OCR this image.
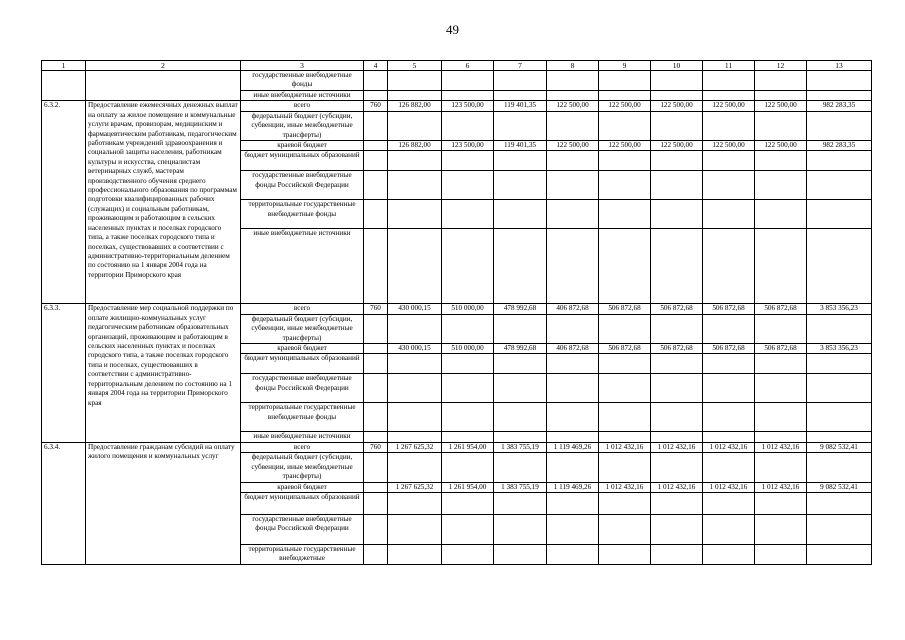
49
1	2	3	4	5	6	7	8	9	10	11	12	13
		государственные внебюджетные фонды										
		иные внебюджетные источники										
6.3.2.	Предоставление ежемесячных денежных выплат на оплату за жилое помещение и коммунальные услуги врачам, провизорам, медицинским и фармацевтическим работникам, педагогическим работникам учреждений здравоохранения и социальной защиты населения, работникам культуры и искусства, специалистам ветеринарных служб, мастерам производственного обучения среднего профессионального образования по программам подготовки квалифицированных рабочих (служащих) и социальным работникам, проживающим и работающим в сельских населенных пунктах и поселках городского типа, а также поселках городского типа и поселках, существовавших в соответствии с административно-территориальным делением по состоянию на 1 января 2004 года на территории Приморского края	всего	760	126 882,00	123 500,00	119 401,35	122 500,00	122 500,00	122 500,00	122 500,00	122 500,00	982 283,35
		федеральный бюджет (субсидии, субвенции, иные межбюджетные трансферты)										
		краевой бюджет		126 882,00	123 500,00	119 401,35	122 500,00	122 500,00	122 500,00	122 500,00	122 500,00	982 283,35
		бюджет муниципальных образований										
		государственные внебюджетные фонды Российской Федерации										
		территориальные государственные внебюджетные фонды										
		иные внебюджетные источники										
6.3.3.	Предоставление мер социальной поддержки по оплате жилищно-коммунальных услуг педагогическим работникам образовательных организаций, проживающим и работающим в сельских населенных пунктах и поселках городского типа, а также поселках городского типа и поселках, существовавших в соответствии с административно-территориальным делением по состоянию на 1 января 2004 года на территории Приморского края	всего	760	430 000,15	510 000,00	478 992,68	406 872,68	506 872,68	506 872,68	506 872,68	506 872,68	3 853 356,23
		федеральный бюджет (субсидии, субвенции, иные межбюджетные трансферты)										
		краевой бюджет		430 000,15	510 000,00	478 992,68	406 872,68	506 872,68	506 872,68	506 872,68	506 872,68	3 853 356,23
		бюджет муниципальных образований										
		государственные внебюджетные фонды Российской Федерации										
		территориальные государственные внебюджетные фонды										
		иные внебюджетные источники										
6.3.4.	Предоставление гражданам субсидий на оплату жилого помещения и коммунальных услуг	всего	760	1 267 625,32	1 261 954,00	1 383 755,19	1 119 469,26	1 012 432,16	1 012 432,16	1 012 432,16	1 012 432,16	9 082 532,41
		федеральный бюджет (субсидии, субвенции, иные межбюджетные трансферты)										
		краевой бюджет		1 267 625,32	1 261 954,00	1 383 755,19	1 119 469,26	1 012 432,16	1 012 432,16	1 012 432,16	1 012 432,16	9 082 532,41
		бюджет муниципальных образований										
		государственные внебюджетные фонды Российской Федерации										
		территориальные государственные внебюджетные										
